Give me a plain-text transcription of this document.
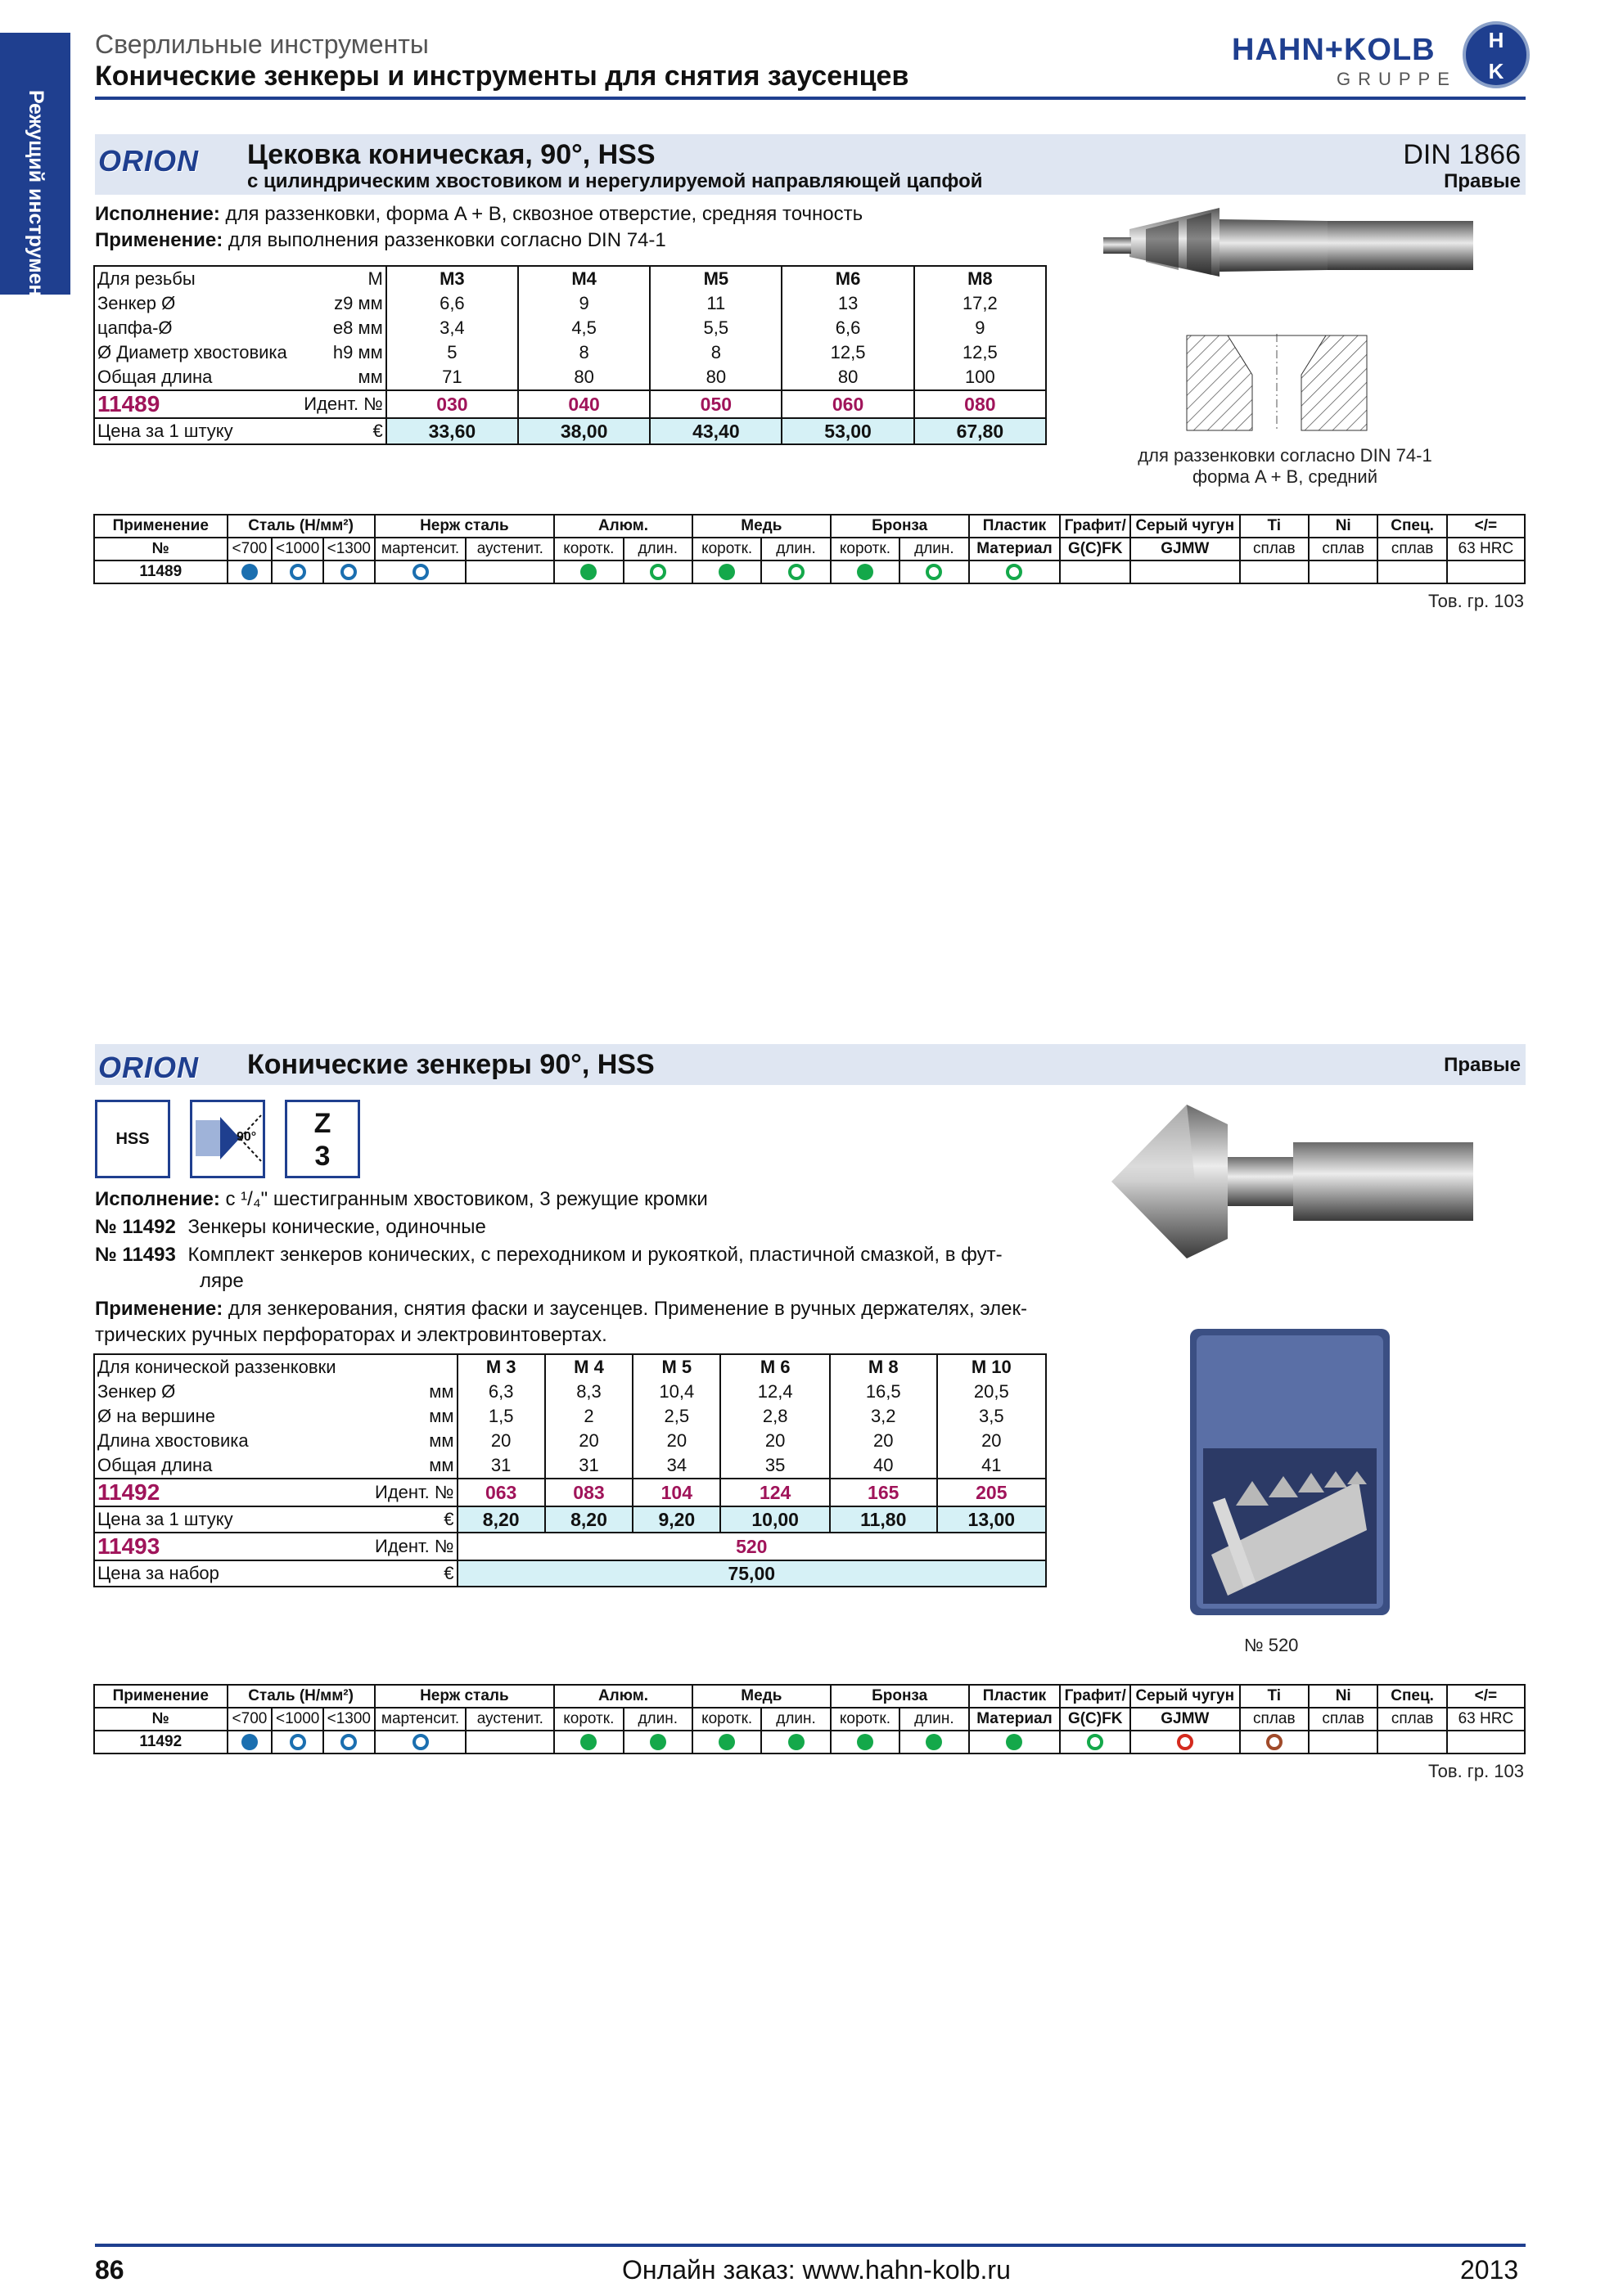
Режущий инструмент
Сверлильные инструменты
Конические зенкеры и инструменты для снятия заусенцев
HAHN+KOLB
GRUPPE
H
K
ORION Цековка коническая, 90°, HSS
с цилиндрическим хвостовиком и нерегулируемой направляющей цапфой
DIN 1866
Правые
Исполнение: для раззенковки, форма A + B, сквозное отверстие, средняя точность
Применение: для выполнения раззенковки согласно DIN 74-1
Для резьбы	M	M3	M4	M5	M6	M8
Зенкер Ø	z9 мм	6,6	9	11	13	17,2
цапфа-Ø	e8 мм	3,4	4,5	5,5	6,6	9
Ø Диаметр хвостовика	h9 мм	5	8	8	12,5	12,5
Общая длина	мм	71	80	80	80	100
11489	Идент. №	030	040	050	060	080
Цена за 1 штуку	€	33,60	38,00	43,40	53,00	67,80
для раззенковки согласно DIN 74-1
форма A + B, средний
Применение	Сталь (Н/мм²)			Нерж сталь		Алюм.		Медь		Бронза		Пластик	Графит/	Серый чугун	Ti	Ni	Спец.	</=
№	<700	<1000	<1300	мартенсит.	аустенит.	коротк.	длин.	коротк.	длин.	коротк.	длин.	Материал	G(C)FK	GJMW	сплав	сплав	сплав	63 HRC
11489																		
Тов. гр. 103
ORION Конические зенкеры 90°, HSS	Правые
HSS	90°	Z
3
Исполнение: с ¹/₄" шестигранным хвостовиком, 3 режущие кромки
№ 11492 Зенкеры конические, одиночные
№ 11493 Комплект зенкеров конических, с переходником и рукояткой, пластичной смазкой, в фут-
ляре
Применение: для зенкерования, снятия фаски и заусенцев. Применение в ручных держателях, элек-
трических ручных перфораторах и электровинтовертах.
Для конической раззенковки		M 3	M 4	M 5	M 6	M 8	M 10
Зенкер Ø	мм	6,3	8,3	10,4	12,4	16,5	20,5
Ø на вершине	мм	1,5	2	2,5	2,8	3,2	3,5
Длина хвостовика	мм	20	20	20	20	20	20
Общая длина	мм	31	31	34	35	40	41
11492	Идент. №	063	083	104	124	165	205
Цена за 1 штуку	€	8,20	8,20	9,20	10,00	11,80	13,00
11493	Идент. №	520					
Цена за набор	€	75,00					
№ 520
Применение	Сталь (Н/мм²)			Нерж сталь		Алюм.		Медь		Бронза		Пластик	Графит/	Серый чугун	Ti	Ni	Спец.	</=
№	<700	<1000	<1300	мартенсит.	аустенит.	коротк.	длин.	коротк.	длин.	коротк.	длин.	Материал	G(C)FK	GJMW	сплав	сплав	сплав	63 HRC
11492																		
Тов. гр. 103
86	Онлайн заказ: www.hahn-kolb.ru	2013
